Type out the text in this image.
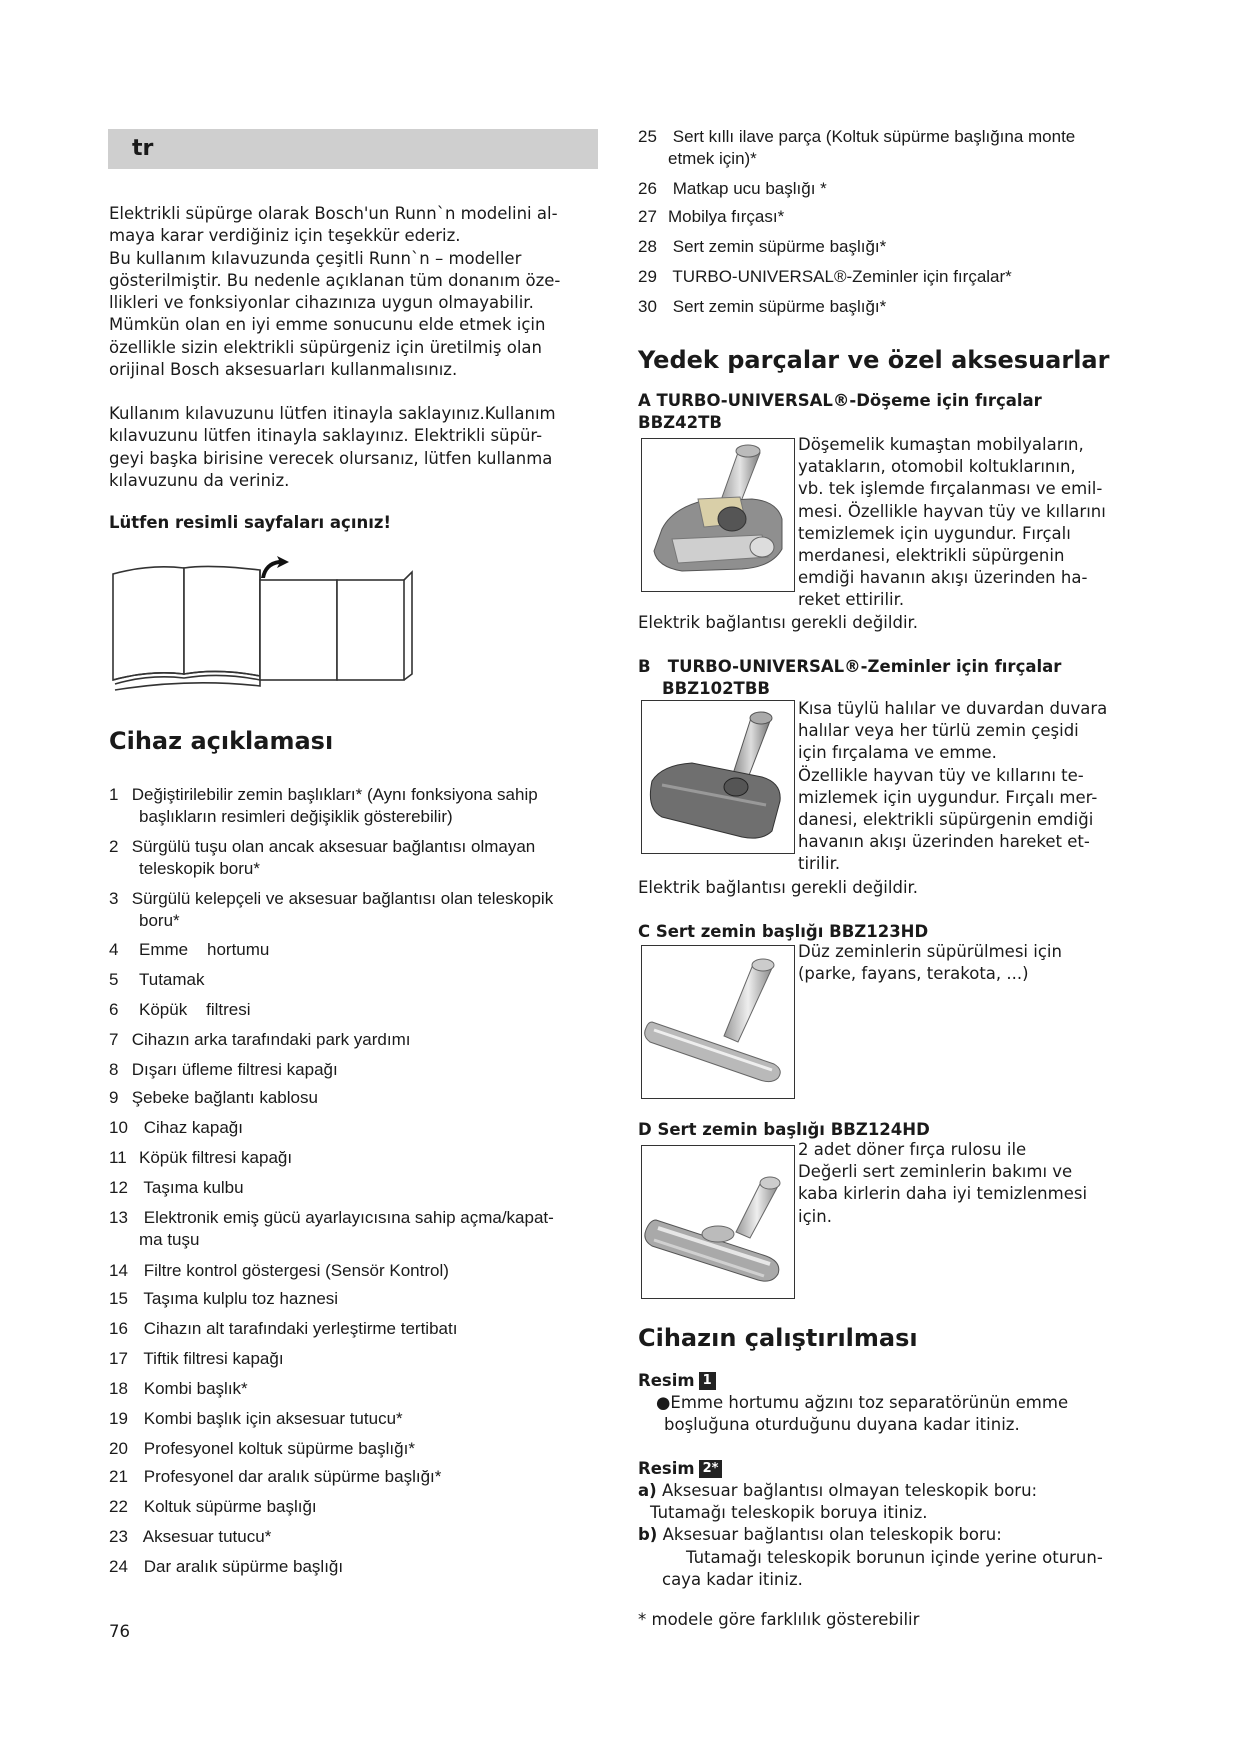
tr
Elektrikli süpürge olarak Bosch'un Runn`n modelini al-
maya karar verdiğiniz için teşekkür ederiz.
Bu kullanım kılavuzunda çeşitli Runn`n – modeller
gösterilmiştir. Bu nedenle açıklanan tüm donanım öze-
llikleri ve fonksiyonlar cihazınıza uygun olmayabilir.
Mümkün olan en iyi emme sonucunu elde etmek için
özellikle sizin elektrikli süpürgeniz için üretilmiş olan
orijinal Bosch aksesuarları kullanmalısınız.
Kullanım kılavuzunu lütfen itinayla saklayınız.Kullanım
kılavuzunu lütfen itinayla saklayınız. Elektrikli süpür-
geyi başka birisine verecek olursanız, lütfen kullanma
kılavuzunu da veriniz.
Lütfen resimli sayfaları açınız!
Cihaz açıklaması
1 Değiştirilebilir zemin başlıkları* (Aynı fonksiyona sahip
başlıkların resimleri değişiklik gösterebilir)
2 Sürgülü tuşu olan ancak aksesuar bağlantısı olmayan
teleskopik boru*
3 Sürgülü kelepçeli ve aksesuar bağlantısı olan teleskopik
boru*
4 Emme    hortumu
5 Tutamak
6 Köpük    filtresi
7 Cihazın arka tarafındaki park yardımı
8 Dışarı üfleme filtresi kapağı
9 Şebeke bağlantı kablosu
10 Cihaz kapağı
11 Köpük filtresi kapağı
12 Taşıma kulbu
13 Elektronik emiş gücü ayarlayıcısına sahip açma/kapat-
ma tuşu
14 Filtre kontrol göstergesi (Sensör Kontrol)
15 Taşıma kulplu toz haznesi
16 Cihazın alt tarafındaki yerleştirme tertibatı
17 Tiftik filtresi kapağı
18 Kombi başlık*
19 Kombi başlık için aksesuar tutucu*
20 Profesyonel koltuk süpürme başlığı*
21 Profesyonel dar aralık süpürme başlığı*
22 Koltuk süpürme başlığı
23 Aksesuar tutucu*
24 Dar aralık süpürme başlığı
76
25 Sert kıllı ilave parça (Koltuk süpürme başlığına monte
etmek için)*
26 Matkap ucu başlığı *
27 Mobilya fırçası*
28 Sert zemin süpürme başlığı*
29 TURBO-UNIVERSAL®-Zeminler için fırçalar*
30 Sert zemin süpürme başlığı*
Yedek parçalar ve özel aksesuarlar
A TURBO-UNIVERSAL®-Döşeme için fırçalar
BBZ42TB
Döşemelik kumaştan mobilyaların,
yatakların, otomobil koltuklarının,
vb. tek işlemde fırçalanması ve emil-
mesi. Özellikle hayvan tüy ve kıllarını
temizlemek için uygundur. Fırçalı
merdanesi, elektrikli süpürgenin
emdiği havanın akışı üzerinden ha-
reket ettirilir.
Elektrik bağlantısı gerekli değildir.
B   TURBO-UNIVERSAL®-Zeminler için fırçalar
BBZ102TBB
Kısa tüylü halılar ve duvardan duvara
halılar veya her türlü zemin çeşidi
için fırçalama ve emme.
Özellikle hayvan tüy ve kıllarını te-
mizlemek için uygundur. Fırçalı mer-
danesi, elektrikli süpürgenin emdiği
havanın akışı üzerinden hareket et-
tirilir.
Elektrik bağlantısı gerekli değildir.
C Sert zemin başlığı BBZ123HD
Düz zeminlerin süpürülmesi için
(parke, fayans, terakota, ...)
D Sert zemin başlığı BBZ124HD
2 adet döner fırça rulosu ile
Değerli sert zeminlerin bakımı ve
kaba kirlerin daha iyi temizlenmesi
için.
Cihazın çalıştırılması
Resim 1
●Emme hortumu ağzını toz separatörünün emme
boşluğuna oturduğunu duyana kadar itiniz.
Resim 2*
a) Aksesuar bağlantısı olmayan teleskopik boru:
Tutamağı teleskopik boruya itiniz.
b) Aksesuar bağlantısı olan teleskopik boru:
Tutamağı teleskopik borunun içinde yerine oturun-
caya kadar itiniz.
* modele göre farklılık gösterebilir
